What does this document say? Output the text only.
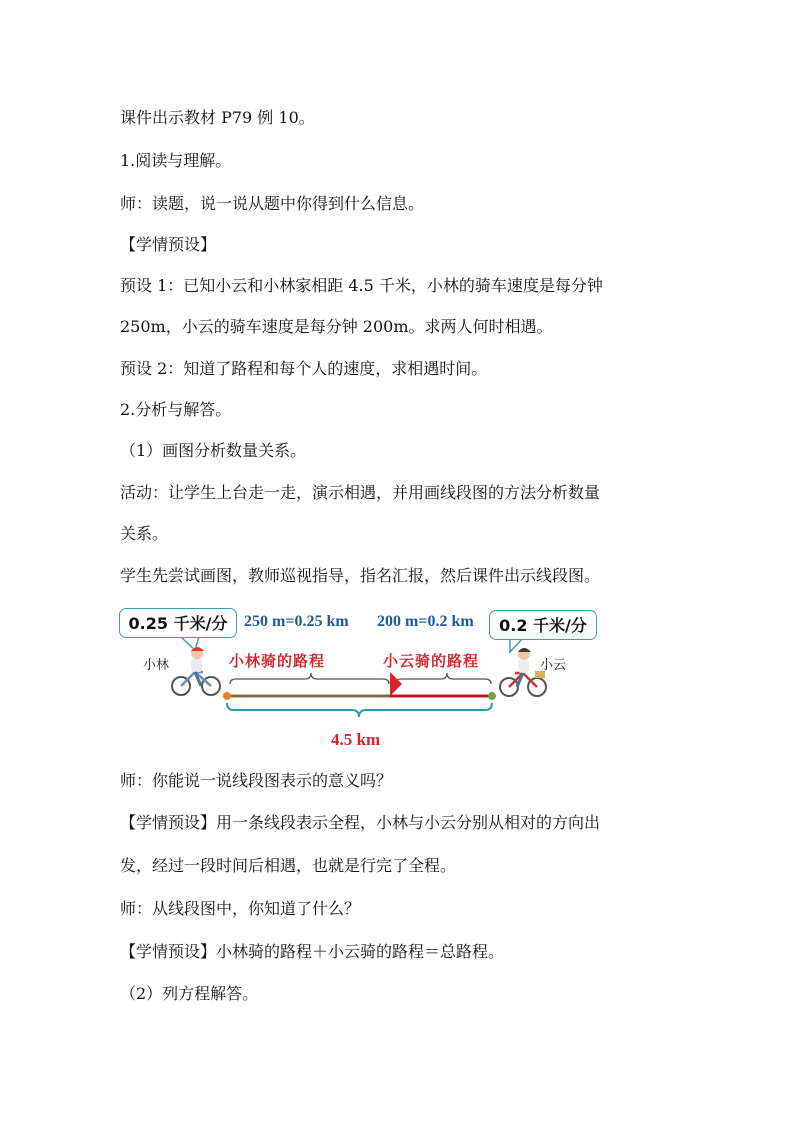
课件出示教材 P79 例 10。
1.阅读与理解。
师：读题，说一说从题中你得到什么信息。
【学情预设】
预设 1：已知小云和小林家相距 4.5 千米，小林的骑车速度是每分钟
250m，小云的骑车速度是每分钟 200m。求两人何时相遇。
预设 2：知道了路程和每个人的速度，求相遇时间。
2.分析与解答。
（1）画图分析数量关系。
活动：让学生上台走一走，演示相遇，并用画线段图的方法分析数量
关系。
学生先尝试画图，教师巡视指导，指名汇报，然后课件出示线段图。
0.25 千米/分	0.2 千米/分
250 m=0.25 km 200 m=0.2 km
小林	小云
小林骑的路程	小云骑的路程
4.5 km
师：你能说一说线段图表示的意义吗？
【学情预设】用一条线段表示全程，小林与小云分别从相对的方向出
发，经过一段时间后相遇，也就是行完了全程。
师：从线段图中，你知道了什么？
【学情预设】小林骑的路程＋小云骑的路程＝总路程。
（2）列方程解答。
